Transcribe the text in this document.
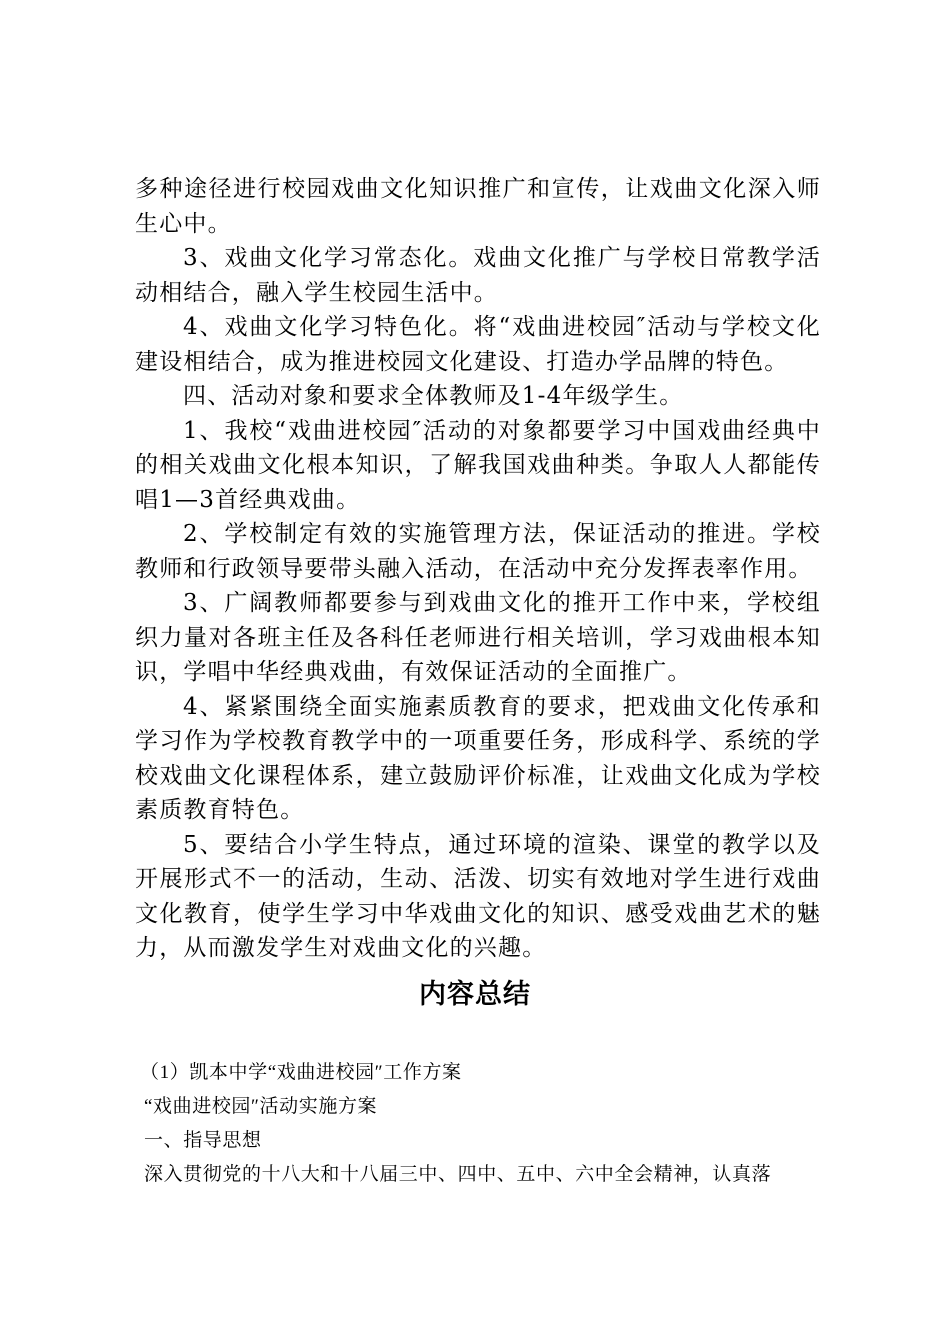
多种途径进行校园戏曲文化知识推广和宣传，让戏曲文化深入师生心中。

3、戏曲文化学习常态化。戏曲文化推广与学校日常教学活动相结合，融入学生校园生活中。

4、戏曲文化学习特色化。将“戏曲进校园″活动与学校文化建设相结合，成为推进校园文化建设、打造办学品牌的特色。

四、活动对象和要求全体教师及1-4年级学生。

1、我校“戏曲进校园″活动的对象都要学习中国戏曲经典中的相关戏曲文化根本知识，了解我国戏曲种类。争取人人都能传唱1—3首经典戏曲。

2、学校制定有效的实施管理方法，保证活动的推进。学校教师和行政领导要带头融入活动，在活动中充分发挥表率作用。

3、广阔教师都要参与到戏曲文化的推开工作中来，学校组织力量对各班主任及各科任老师进行相关培训，学习戏曲根本知识，学唱中华经典戏曲，有效保证活动的全面推广。

4、紧紧围绕全面实施素质教育的要求，把戏曲文化传承和学习作为学校教育教学中的一项重要任务，形成科学、系统的学校戏曲文化课程体系，建立鼓励评价标准，让戏曲文化成为学校素质教育特色。

5、要结合小学生特点，通过环境的渲染、课堂的教学以及开展形式不一的活动，生动、活泼、切实有效地对学生进行戏曲文化教育，使学生学习中华戏曲文化的知识、感受戏曲艺术的魅力，从而激发学生对戏曲文化的兴趣。

内容总结

（1）凯本中学“戏曲进校园″工作方案

“戏曲进校园″活动实施方案

一、指导思想

深入贯彻党的十八大和十八届三中、四中、五中、六中全会精神，认真落
